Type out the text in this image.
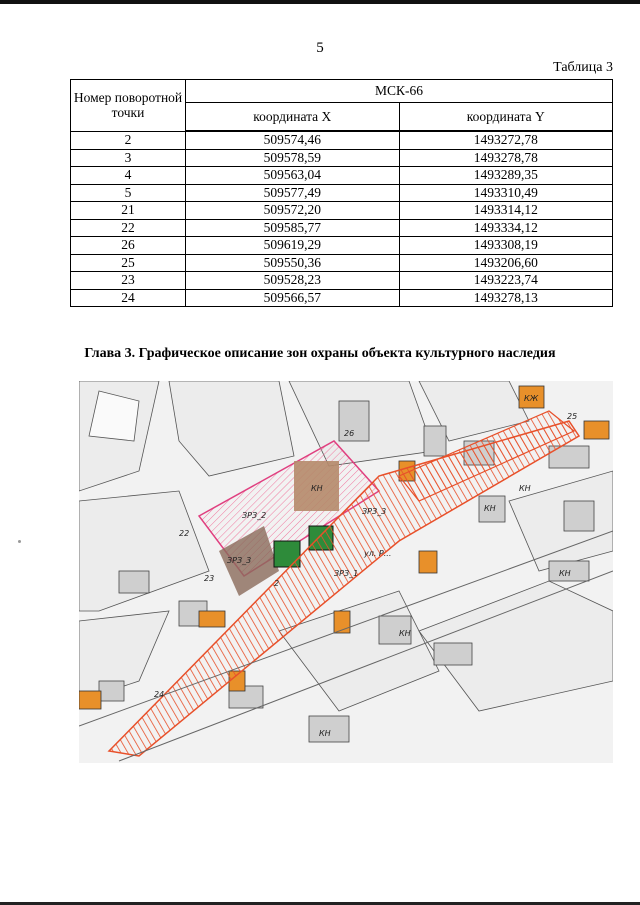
5
Таблица 3
Номер поворотной точки	МСК-66	
	координата X	координата Y
2	509574,46	1493272,78
3	509578,59	1493278,78
4	509563,04	1493289,35
5	509577,49	1493310,49
21	509572,20	1493314,12
22	509585,77	1493334,12
26	509619,29	1493308,19
25	509550,36	1493206,60
23	509528,23	1493223,74
24	509566,57	1493278,13
Глава 3. Графическое описание зон охраны объекта культурного наследия
ЗРЗ_2	ЗРЗ_3
ЗРЗ_3
ЗРЗ_1
ул. Р...
КН
КН
КН
КН
КН
КЖ
КН
2
25
23
22
24
26
